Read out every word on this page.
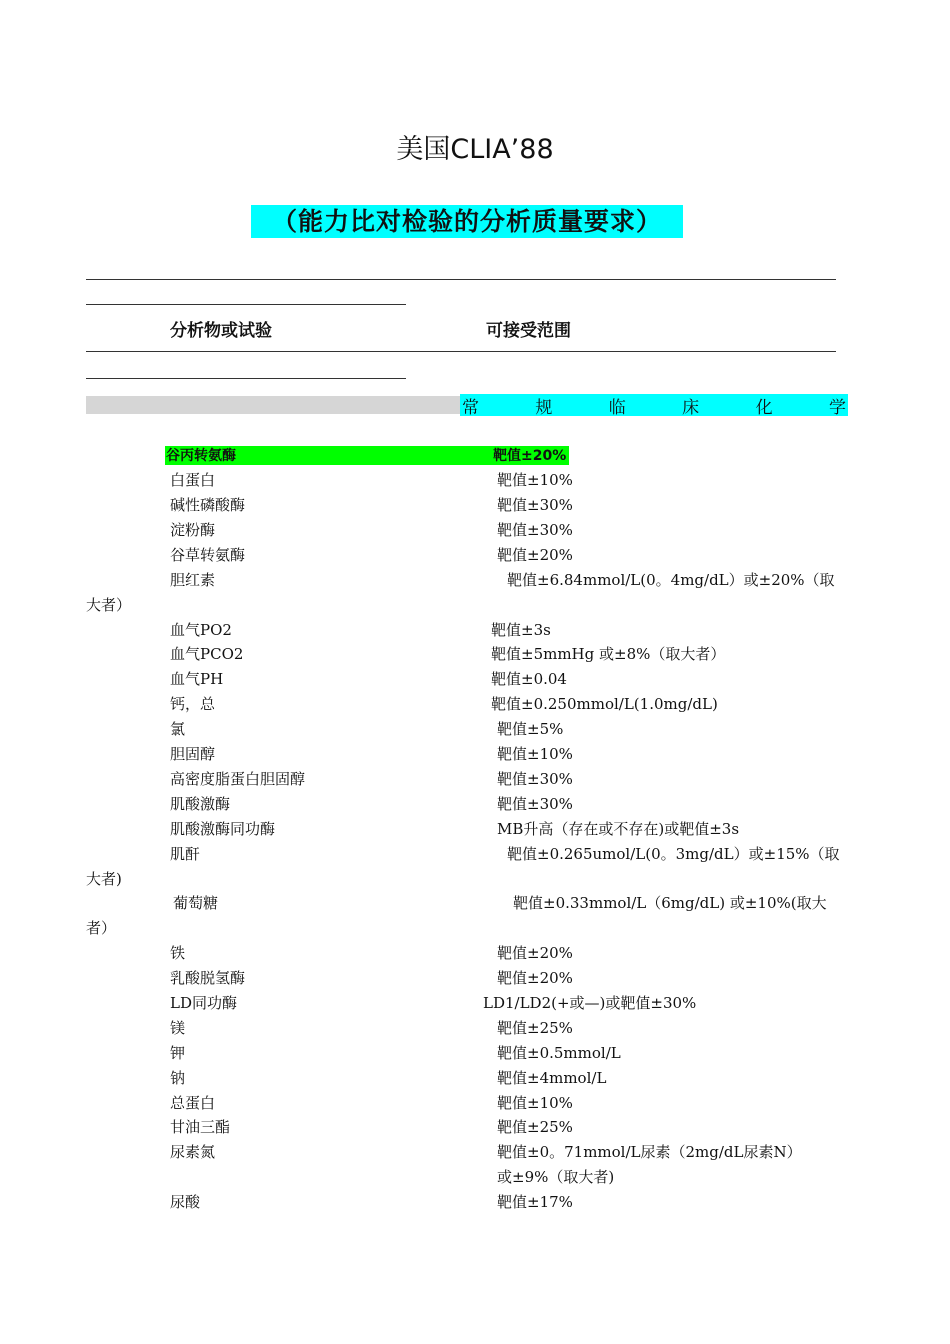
美国CLIA’88
（能力比对检验的分析质量要求）
分析物或试验	可接受范围
常	规	临	床	化	学
谷丙转氨酶	靶值±20%
白蛋白	靶值±10%
碱性磷酸酶	靶值±30%
淀粉酶	靶值±30%
谷草转氨酶	靶值±20%
胆红素	靶值±6.84mmol/L(0。4mg/dL）或±20%（取
大者）
血气PO2	靶值±3s
血气PCO2	靶值±5mmHg 或±8%（取大者）
血气PH	靶值±0.04
钙，总	靶值±0.250mmol/L(1.0mg/dL)
氯	靶值±5%
胆固醇	靶值±10%
高密度脂蛋白胆固醇	靶值±30%
肌酸激酶	靶值±30%
肌酸激酶同功酶	MB升高（存在或不存在)或靶值±3s
肌酐	靶值±0.265umol/L(0。3mg/dL）或±15%（取
大者)
葡萄糖	靶值±0.33mmol/L（6mg/dL) 或±10%(取大
者）
铁	靶值±20%
乳酸脱氢酶	靶值±20%
LD同功酶	LD1/LD2(+或—)或靶值±30%
镁	靶值±25%
钾	靶值±0.5mmol/L
钠	靶值±4mmol/L
总蛋白	靶值±10%
甘油三酯	靶值±25%
尿素氮	靶值±0。71mmol/L尿素（2mg/dL尿素N）
或±9%（取大者)
尿酸	靶值±17%
